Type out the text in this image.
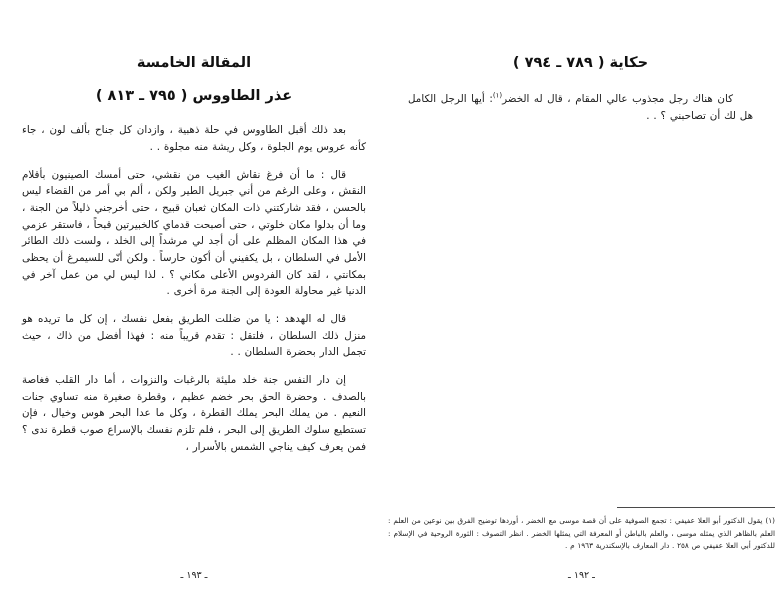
المقالة الخامسة
عذر الطاووس ( ٧٩٥ ـ ٨١٣ )

بعد ذلك أقبل الطاووس في حلة ذهبية ، وازدان كل جناح بألف لون ، جاء كأنه عروس يوم الجلوة ، وكل ريشة منه مجلوة . .

قال : ما أن فرغ نقاش الغيب من نقشي، حتى أمسك الصينيون بأقلام النقش ، وعلى الرغم من أني جبريل الطير ولكن ، ألم بي أمر من القضاء ليس بالحسن ، فقد شاركتني ذات المكان ثعبان قبيح ، حتى أخرجني ذليلاً من الجنة ، وما أن بدلوا مكان خلوتي ، حتى أصبحت قدماي كالخبيرتين قبحاً ، فاستقر عزمي في هذا المكان المظلم على أن أجد لي مرشداً إلى الخلد ، ولست ذلك الطائر الأمل في السلطان ، بل يكفيني أن أكون حارساً . ولكن أنّى للسيمرغ أن يحظى بمكانتي ، لقد كان الفردوس الأعلى مكاني ؟ . لذا ليس لي من عمل آخر في الدنيا غير محاولة العودة إلى الجنة مرة أخرى .

قال له الهدهد : يا من ضللت الطريق بفعل نفسك ، إن كل ما تريده هو منزل ذلك السلطان ، فلتقل : تقدم قريباً منه : فهذا أفضل من ذاك ، حيث تجمل الدار بحضرة السلطان . .

إن دار النفس جنة خلد مليئة بالرغبات والنزوات ، أما دار القلب فغاصة بالصدف . وحضرة الحق بحر خضم عظيم ، وقطرة صغيرة منه تساوي جنات النعيم . من يملك البحر يملك القطرة ، وكل ما عدا البحر هوس وخيال ، فإن تستطيع سلوك الطريق إلى البحر ، فلم تلزم نفسك بالإسراع صوب قطرة ندى ؟ فمن يعرف كيف يناجي الشمس بالأسرار ،

ـ ١٩٣ ـ
حكاية ( ٧٨٩ ـ ٧٩٤ )

كان هناك رجل مجذوب عالي المقام ، قال له الخضر$^{(١)}$: أيها الرجل الكامل هل لك أن تصاحبني ؟ . .

(١) يقول الدكتور أبو العلا عفيفي : تجمع الصوفية على أن قصة موسى مع الخضر ، أوردها توضيح الفرق بين نوعين من العلم : العلم بالظاهر الذي يمثله موسى ، والعلم بالباطن أو المعرفة التي يمثلها الخضر . انظر التصوف : الثورة الروحية في الإسلام : للدكتور أبي العلا عفيفي ص ٢٥٨ . دار المعارف بالإسكندرية ١٩٦٣ م .

ـ ١٩٢ ـ
